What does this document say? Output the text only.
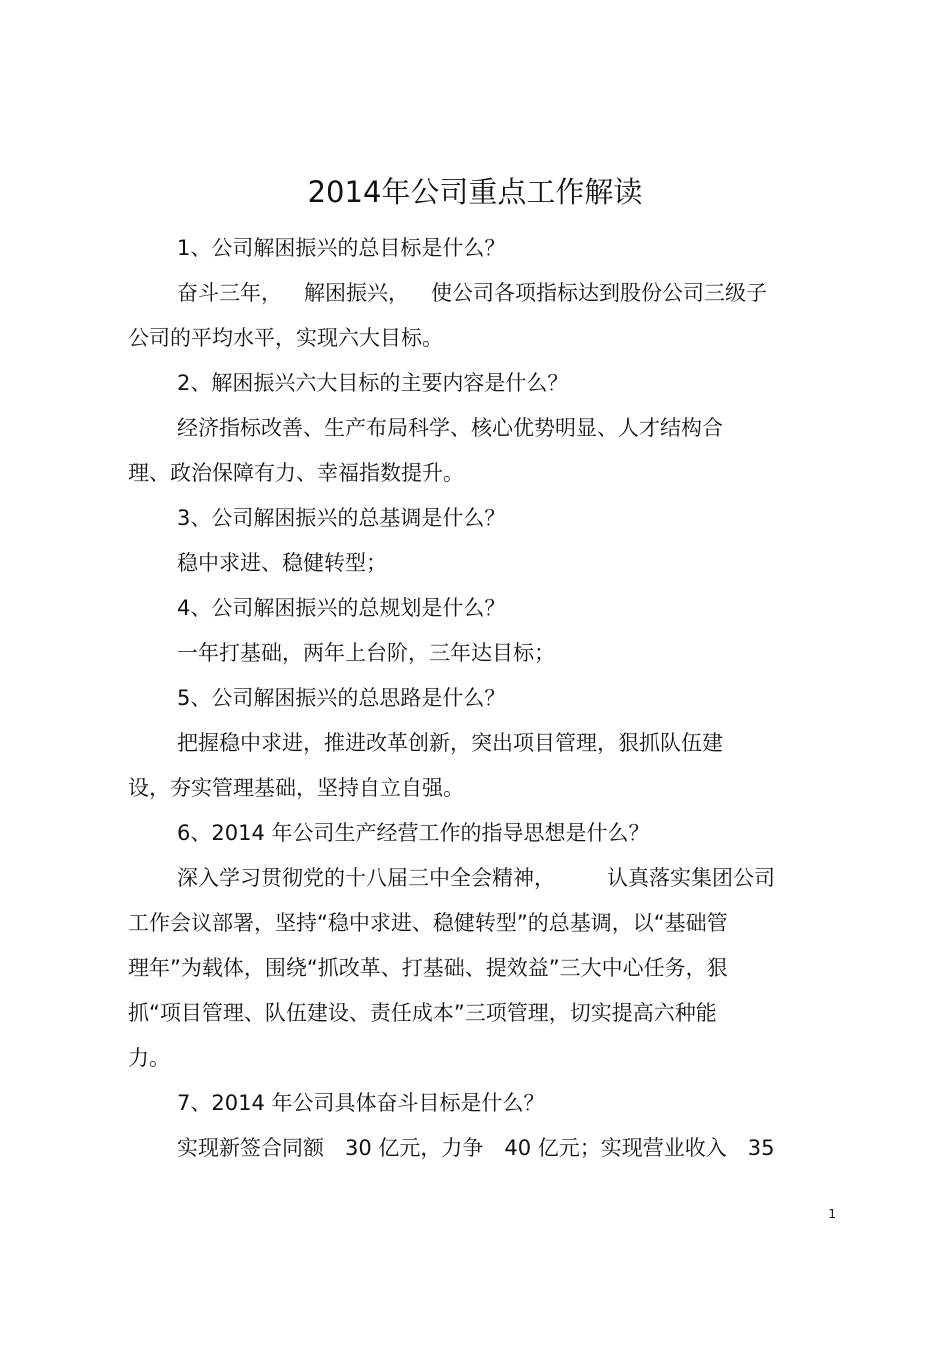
2014年公司重点工作解读

1、公司解困振兴的总目标是什么？

奋斗三年， 解困振兴， 使公司各项指标达到股份公司三级子

公司的平均水平，实现六大目标。

2、解困振兴六大目标的主要内容是什么？

经济指标改善、生产布局科学、核心优势明显、人才结构合

理、政治保障有力、幸福指数提升。

3、公司解困振兴的总基调是什么？

稳中求进、稳健转型；

4、公司解困振兴的总规划是什么？

一年打基础，两年上台阶，三年达目标；

5、公司解困振兴的总思路是什么？

把握稳中求进，推进改革创新，突出项目管理，狠抓队伍建

设，夯实管理基础，坚持自立自强。

6、2014 年公司生产经营工作的指导思想是什么？

深入学习贯彻党的十八届三中全会精神， 认真落实集团公司

工作会议部署，坚持“稳中求进、稳健转型”的总基调，以“基础管

理年”为载体，围绕“抓改革、打基础、提效益”三大中心任务，狠

抓“项目管理、队伍建设、责任成本”三项管理，切实提高六种能

力。

7、2014 年公司具体奋斗目标是什么？

实现新签合同额　30 亿元，力争　40 亿元；实现营业收入　35

1
